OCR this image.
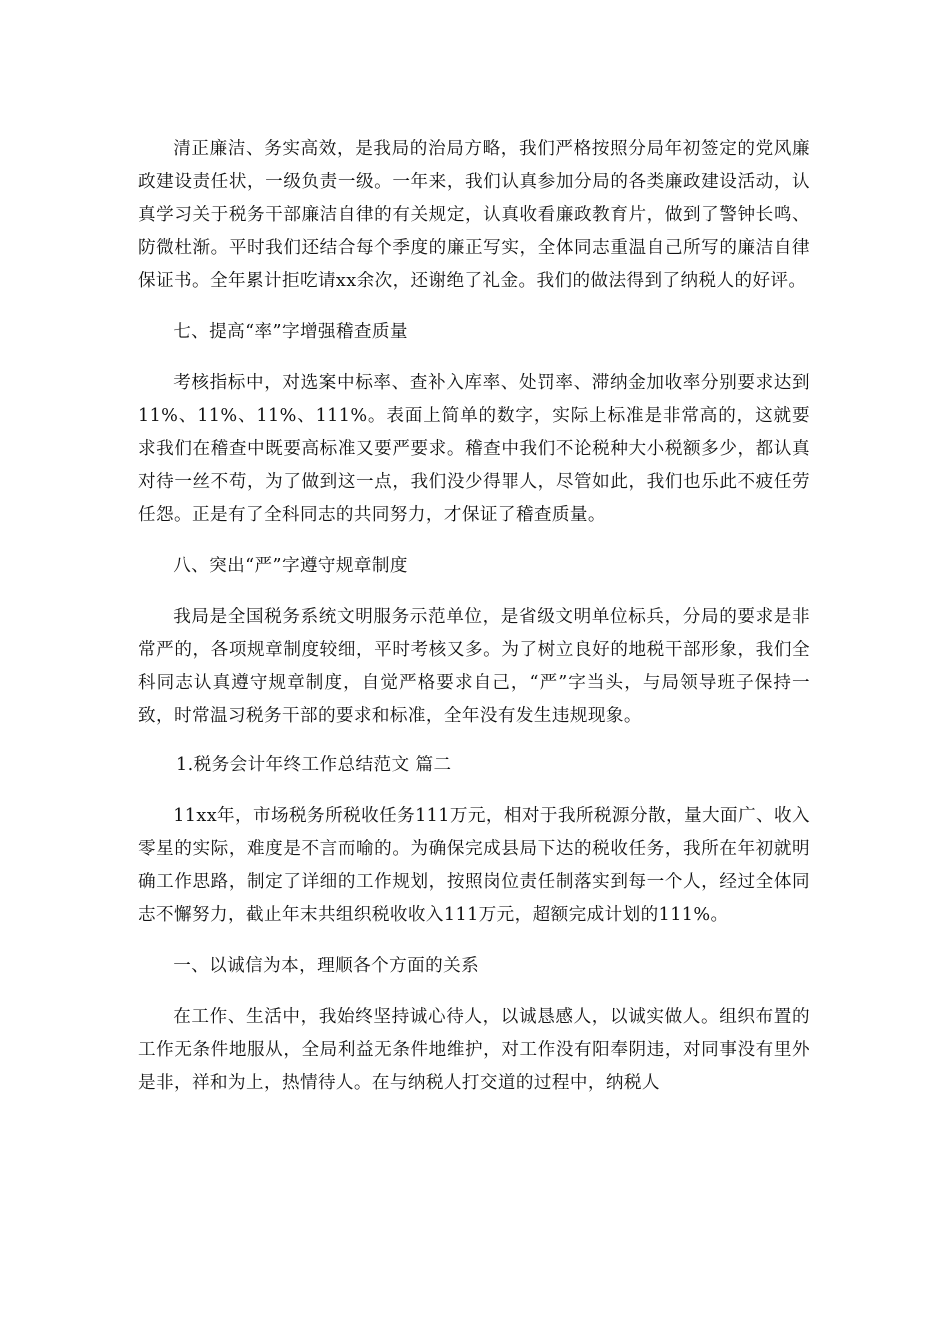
清正廉洁、务实高效，是我局的治局方略，我们严格按照分局年初签定的党风廉政建设责任状，一级负责一级。一年来，我们认真参加分局的各类廉政建设活动，认真学习关于税务干部廉洁自律的有关规定，认真收看廉政教育片，做到了警钟长鸣、防微杜渐。平时我们还结合每个季度的廉正写实，全体同志重温自己所写的廉洁自律保证书。全年累计拒吃请xx余次，还谢绝了礼金。我们的做法得到了纳税人的好评。

七、提高“率”字增强稽查质量

考核指标中，对选案中标率、查补入库率、处罚率、滞纳金加收率分别要求达到11%、11%、11%、111%。表面上简单的数字，实际上标准是非常高的，这就要求我们在稽查中既要高标准又要严要求。稽查中我们不论税种大小税额多少，都认真对待一丝不苟，为了做到这一点，我们没少得罪人，尽管如此，我们也乐此不疲任劳任怨。正是有了全科同志的共同努力，才保证了稽查质量。

八、突出“严”字遵守规章制度

我局是全国税务系统文明服务示范单位，是省级文明单位标兵，分局的要求是非常严的，各项规章制度较细，平时考核又多。为了树立良好的地税干部形象，我们全科同志认真遵守规章制度，自觉严格要求自己，“严”字当头，与局领导班子保持一致，时常温习税务干部的要求和标准，全年没有发生违规现象。

1.税务会计年终工作总结范文 篇二

11xx年，市场税务所税收任务111万元，相对于我所税源分散，量大面广、收入零星的实际，难度是不言而喻的。为确保完成县局下达的税收任务，我所在年初就明确工作思路，制定了详细的工作规划，按照岗位责任制落实到每一个人，经过全体同志不懈努力，截止年末共组织税收收入111万元，超额完成计划的111%。

一、以诚信为本，理顺各个方面的关系

在工作、生活中，我始终坚持诚心待人，以诚恳感人，以诚实做人。组织布置的工作无条件地服从，全局利益无条件地维护，对工作没有阳奉阴违，对同事没有里外是非，祥和为上，热情待人。在与纳税人打交道的过程中，纳税人
